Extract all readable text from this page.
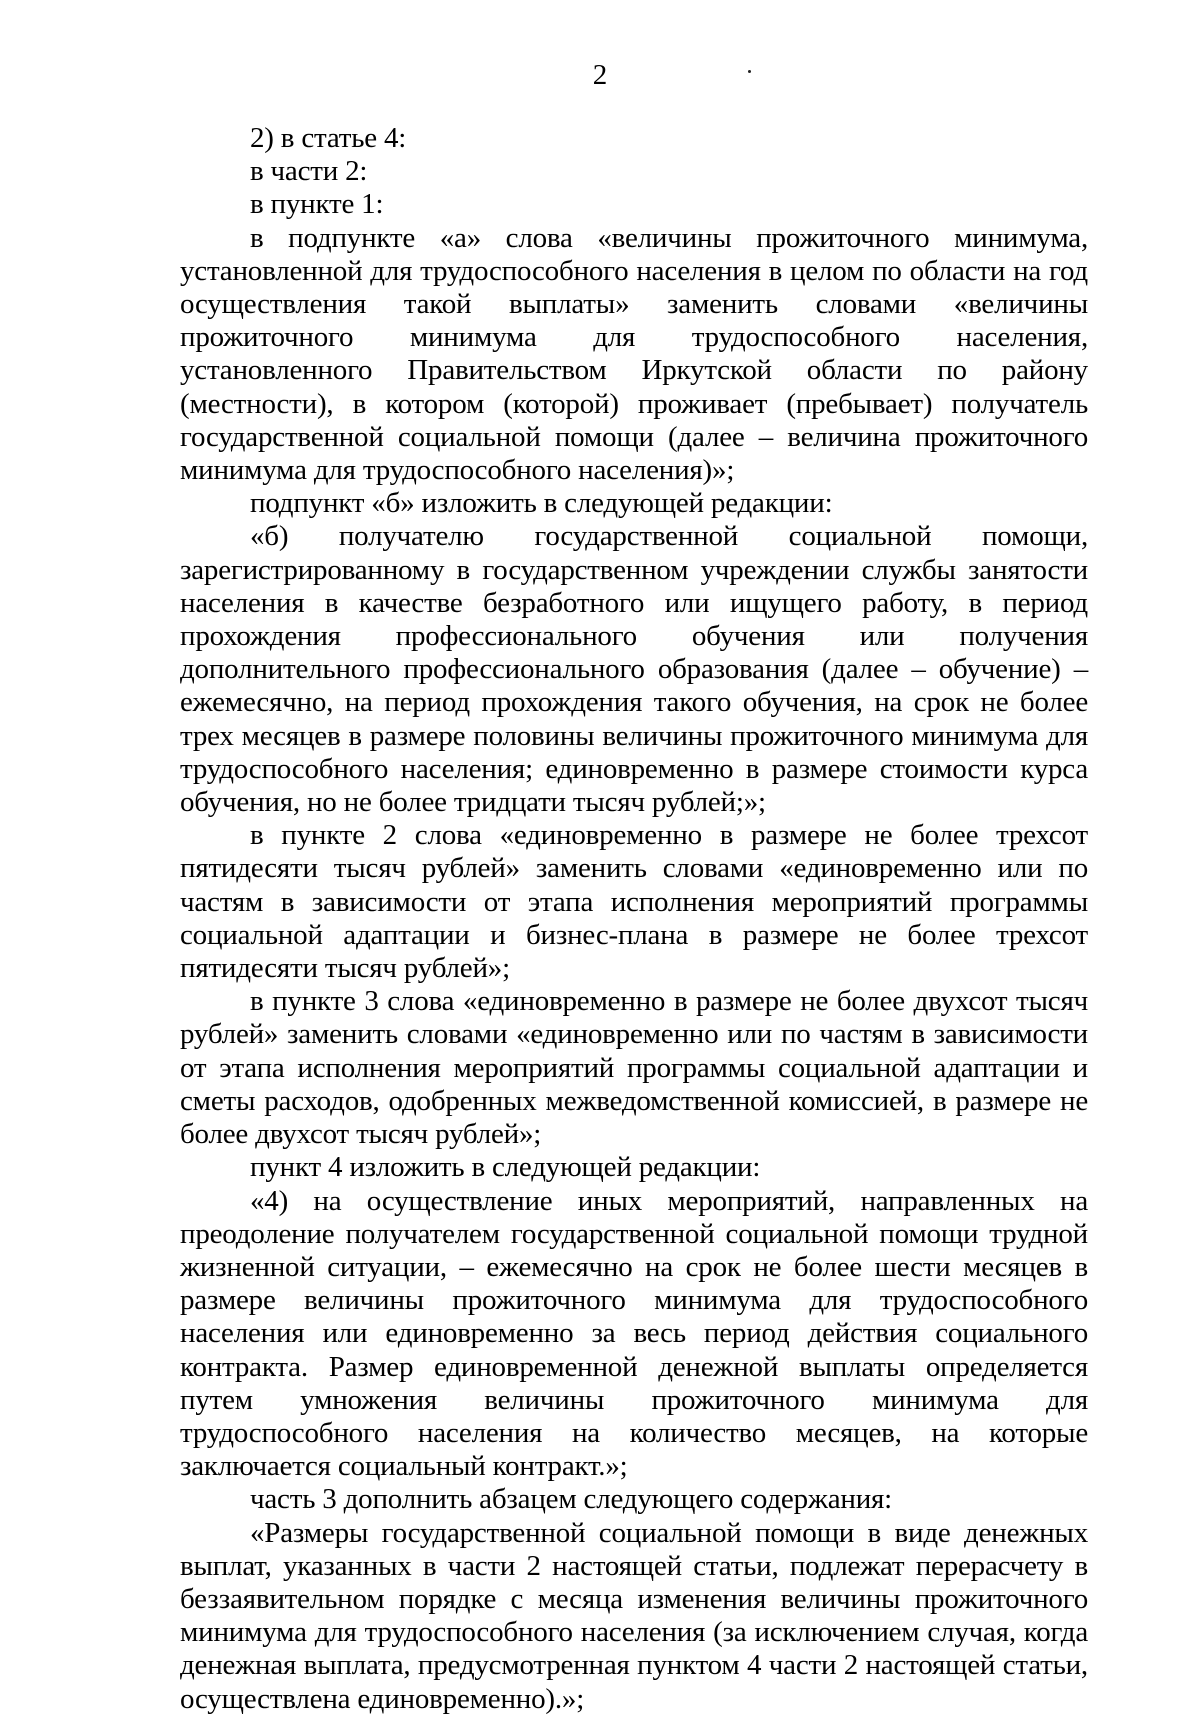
2

2) в статье 4:

в части 2:

в пункте 1:

в подпункте «а» слова «величины прожиточного минимума, установленной для трудоспособного населения в целом по области на год осуществления такой выплаты» заменить словами «величины прожиточного минимума для трудоспособного населения, установленного Правительством Иркутской области по району (местности), в котором (которой) проживает (пребывает) получатель государственной социальной помощи (далее – величина прожиточного минимума для трудоспособного населения)»;

подпункт «б» изложить в следующей редакции:

«б) получателю государственной социальной помощи, зарегистрированному в государственном учреждении службы занятости населения в качестве безработного или ищущего работу, в период прохождения профессионального обучения или получения дополнительного профессионального образования (далее – обучение) – ежемесячно, на период прохождения такого обучения, на срок не более трех месяцев в размере половины величины прожиточного минимума для трудоспособного населения; единовременно в размере стоимости курса обучения, но не более тридцати тысяч рублей;»;

в пункте 2 слова «единовременно в размере не более трехсот пятидесяти тысяч рублей» заменить словами «единовременно или по частям в зависимости от этапа исполнения мероприятий программы социальной адаптации и бизнес-плана в размере не более трехсот пятидесяти тысяч рублей»;

в пункте 3 слова «единовременно в размере не более двухсот тысяч рублей» заменить словами «единовременно или по частям в зависимости от этапа исполнения мероприятий программы социальной адаптации и сметы расходов, одобренных межведомственной комиссией, в размере не более двухсот тысяч рублей»;

пункт 4 изложить в следующей редакции:

«4) на осуществление иных мероприятий, направленных на преодоление получателем государственной социальной помощи трудной жизненной ситуации, – ежемесячно на срок не более шести месяцев в размере величины прожиточного минимума для трудоспособного населения или единовременно за весь период действия социального контракта. Размер единовременной денежной выплаты определяется путем умножения величины прожиточного минимума для трудоспособного населения на количество месяцев, на которые заключается социальный контракт.»;

часть 3 дополнить абзацем следующего содержания:

«Размеры государственной социальной помощи в виде денежных выплат, указанных в части 2 настоящей статьи, подлежат перерасчету в беззаявительном порядке с месяца изменения величины прожиточного минимума для трудоспособного населения (за исключением случая, когда денежная выплата, предусмотренная пунктом 4 части 2 настоящей статьи, осуществлена единовременно).»;
